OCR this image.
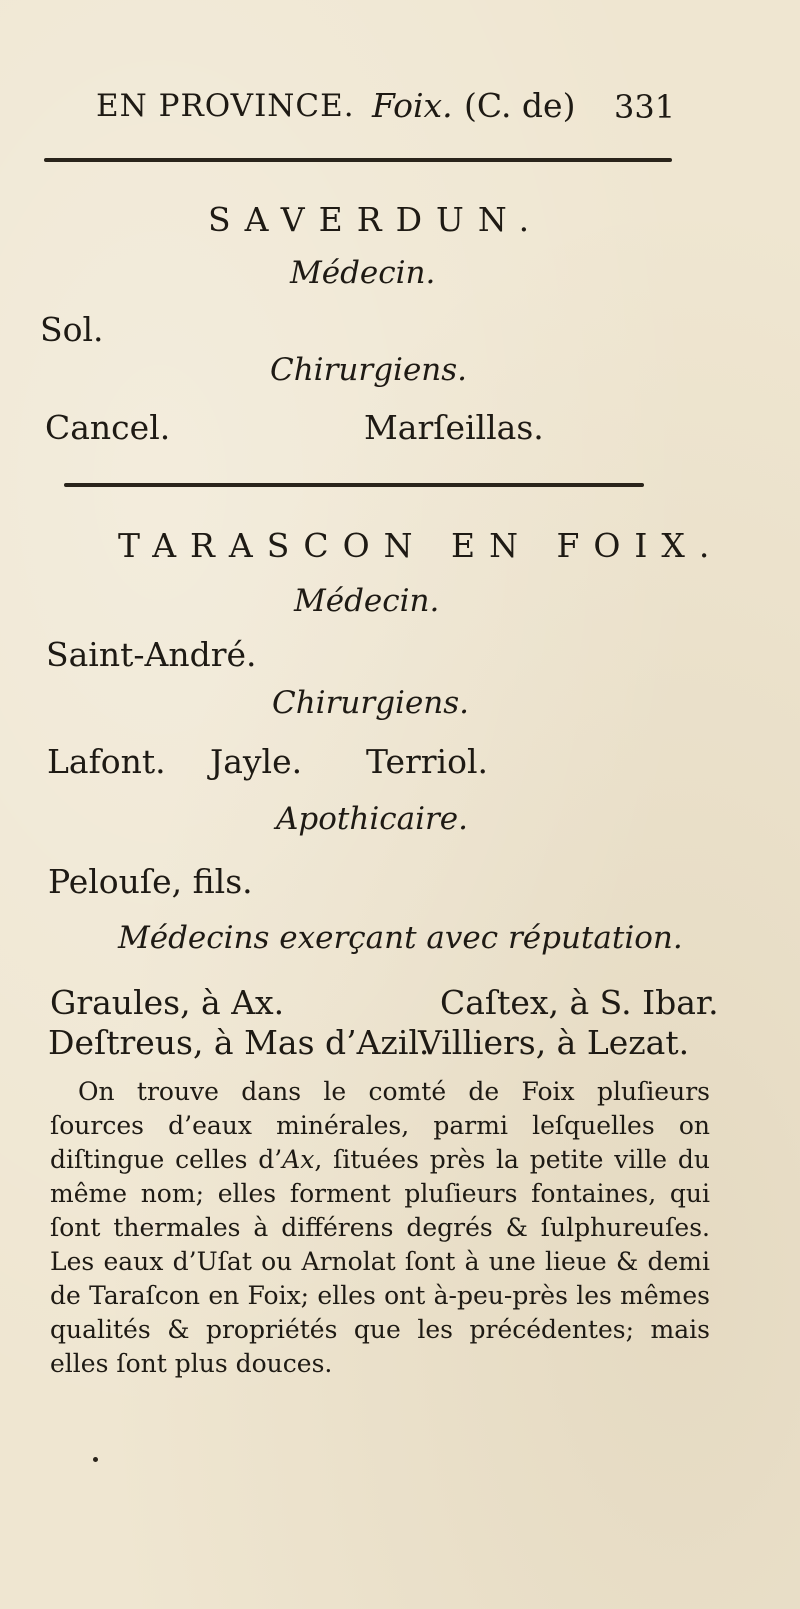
EN PROVINCE. Foix. (C. de) 331
SAVERDUN.
Médecin.
Sol.
Chirurgiens.
Cancel.	Marſeillas.
TARASCON EN FOIX.
Médecin.
Saint-André.
Chirurgiens.
Lafont. Jayle. Terriol.
Apothicaire.
Pelouſe, fils.
Médecins exerçant avec réputation.
Graules, à Ax.	Caſtex, à S. Ibar.
Deſtreus, à Mas d’Azil.
Villiers, à Lezat.

On trouve dans le comté de Foix pluſieurs ſources d’eaux minérales, parmi leſquelles on diſtingue celles d’Ax, ſituées près la petite ville du même nom; elles forment pluſieurs fontaines, qui ſont thermales à différens degrés & ſulphureuſes. Les eaux d’Uſat ou Arnolat ſont à une lieue & demi de Taraſcon en Foix; elles ont à-peu-près les mêmes qualités & propriétés que les précédentes; mais elles ſont plus douces.
